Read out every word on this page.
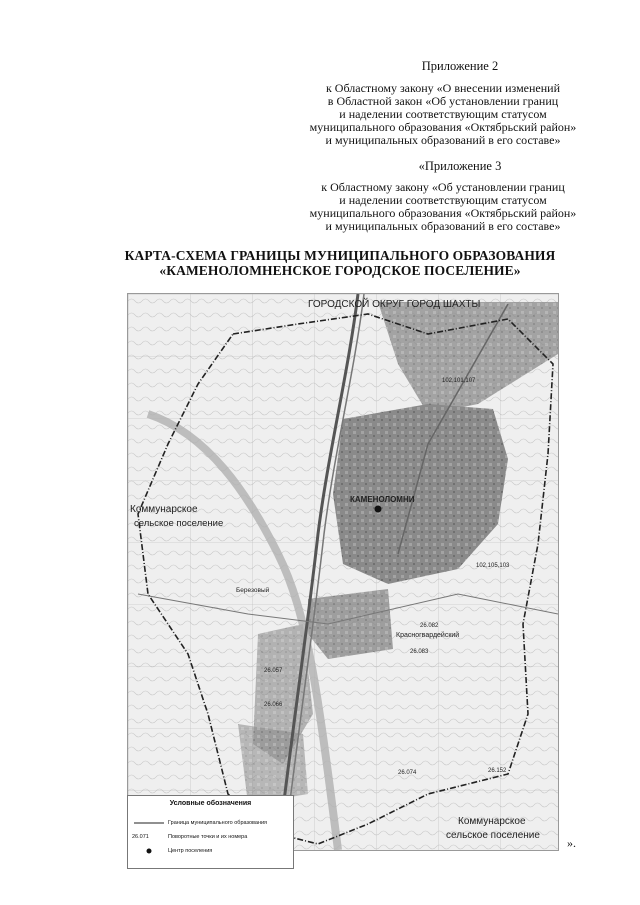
Приложение 2
к Областному закону «О внесении изменений
в Областной закон «Об установлении границ
и наделении соответствующим статусом
муниципального образования «Октябрьский район»
и муниципальных образований в его составе»
«Приложение 3
к Областному закону «Об установлении границ
и наделении соответствующим статусом
муниципального образования «Октябрьский район»
и муниципальных образований в его составе»
КАРТА-СХЕМА ГРАНИЦЫ МУНИЦИПАЛЬНОГО ОБРАЗОВАНИЯ
«КАМЕНОЛОМНЕНСКОЕ ГОРОДСКОЕ ПОСЕЛЕНИЕ»
ГОРОДСКОЙ ОКРУГ ГОРОД ШАХТЫ
Коммунарское
сельское поселение
Коммунарское
сельское поселение
КАМЕНОЛОМНИ
Красногвардейский
Березовый
102,101,107
102,105,103
26.082
26.083
26.057
26.066
26.074	26.152
Условные обозначения
Граница муниципального образования
26.071	Поворотные точки и их номера
Центр поселения
».
